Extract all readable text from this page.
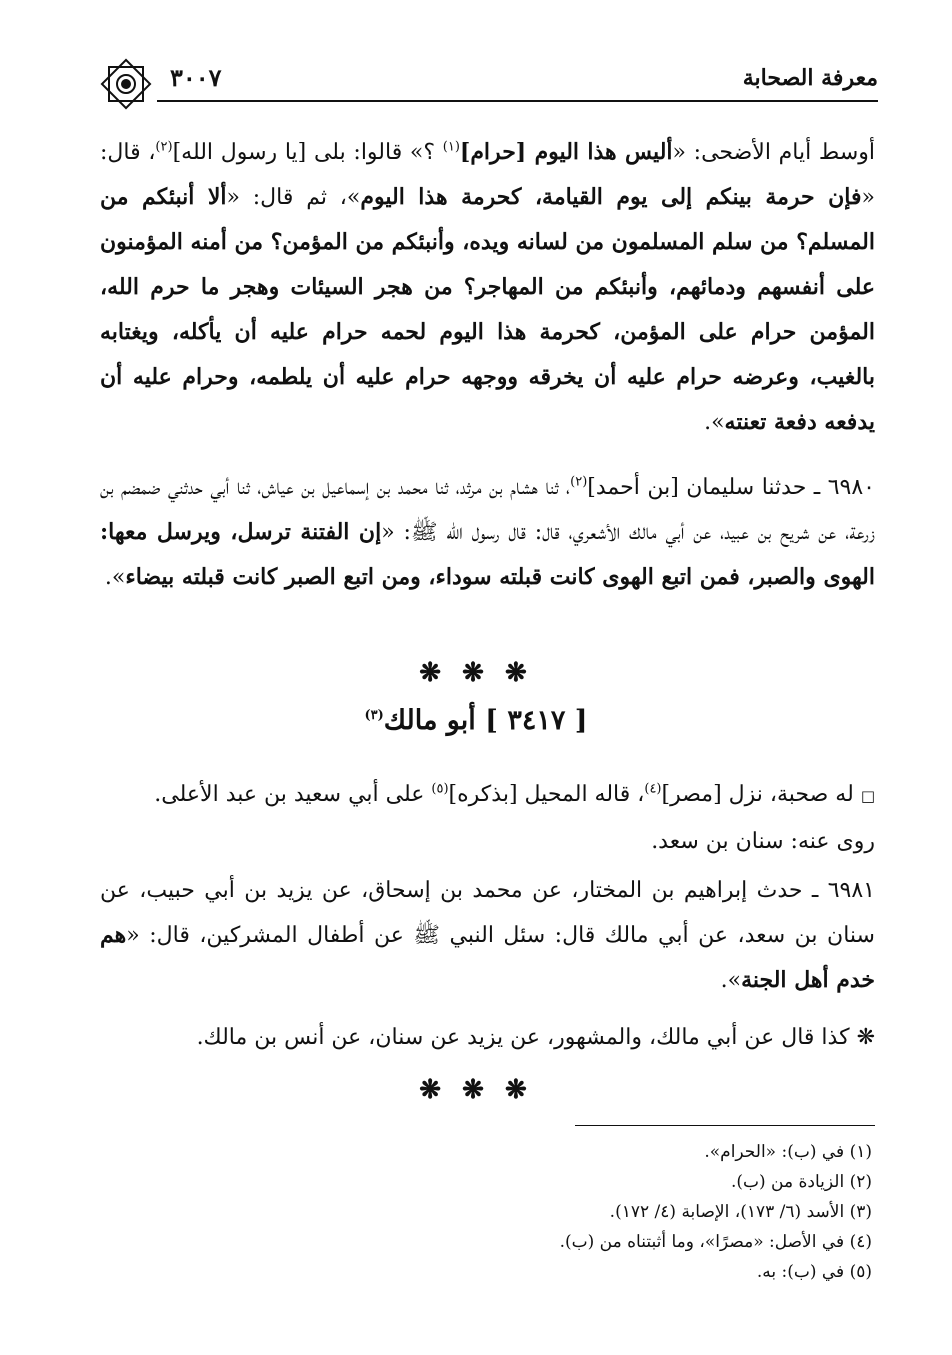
٣٠٠٧	معرفة الصحابة
أوسط أيام الأضحى: «أليس هذا اليوم [حرام]$^{(١)}$ ؟» قالوا: بلى [يا رسول الله]$^{(٢)}$، قال: «فإن حرمة بينكم إلى يوم القيامة، كحرمة هذا اليوم»، ثم قال: «ألا أنبئكم من المسلم؟ من سلم المسلمون من لسانه ويده، وأنبئكم من المؤمن؟ من أمنه المؤمنون على أنفسهم ودمائهم، وأنبئكم من المهاجر؟ من هجر السيئات وهجر ما حرم الله، المؤمن حرام على المؤمن، كحرمة هذا اليوم لحمه حرام عليه أن يأكله، ويغتابه بالغيب، وعرضه حرام عليه أن يخرقه ووجهه حرام عليه أن يلطمه، وحرام عليه أن يدفعه دفعة تعنته».
٦٩٨٠ ـ حدثنا سليمان [بن أحمد]$^{(٢)}$، ثنا هشام بن مرثد، ثنا محمد بن إسماعيل بن عياش، ثنا أبي حدثني ضمضم بن زرعة، عن شريح بن عبيد، عن أبي مالك الأشعري، قال: قال رسول الله ﷺ: «إن الفتنة ترسل، ويرسل معها: الهوى والصبر، فمن اتبع الهوى كانت قبلته سوداء، ومن اتبع الصبر كانت قبلته بيضاء».
❋ ❋ ❋
[ ٣٤١٧ ] أبو مالك$^{(٣)}$
□ له صحبة، نزل [مصر]$^{(٤)}$، قاله المحيل [بذكره]$^{(٥)}$ على أبي سعيد بن عبد الأعلى.
روى عنه: سنان بن سعد.
٦٩٨١ ـ حدث إبراهيم بن المختار، عن محمد بن إسحاق، عن يزيد بن أبي حبيب، عن سنان بن سعد، عن أبي مالك قال: سئل النبي ﷺ عن أطفال المشركين، قال: «هم خدم أهل الجنة».
❋ كذا قال عن أبي مالك، والمشهور، عن يزيد عن سنان، عن أنس بن مالك.
❋ ❋ ❋
(١) في (ب): «الحرام».
(٢) الزيادة من (ب).
(٣) الأسد (٦/ ١٧٣)، الإصابة (٤/ ١٧٢).
(٤) في الأصل: «مصرًا»، وما أثبتناه من (ب).
(٥) في (ب): به.
